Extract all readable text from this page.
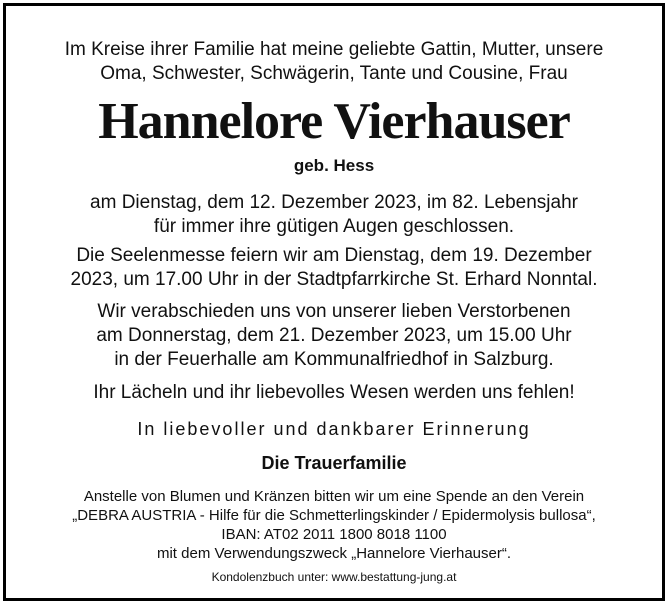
Im Kreise ihrer Familie hat meine geliebte Gattin, Mutter, unsere
Oma, Schwester, Schwägerin, Tante und Cousine, Frau
Hannelore Vierhauser
geb. Hess
am Dienstag, dem 12. Dezember 2023, im 82. Lebensjahr
für immer ihre gütigen Augen geschlossen.
Die Seelenmesse feiern wir am Dienstag, dem 19. Dezember
2023, um 17.00 Uhr in der Stadtpfarrkirche St. Erhard Nonntal.
Wir verabschieden uns von unserer lieben Verstorbenen
am Donnerstag, dem 21. Dezember 2023, um 15.00 Uhr
in der Feuerhalle am Kommunalfriedhof in Salzburg.
Ihr Lächeln und ihr liebevolles Wesen werden uns fehlen!
In liebevoller und dankbarer Erinnerung
Die Trauerfamilie
Anstelle von Blumen und Kränzen bitten wir um eine Spende an den Verein
„DEBRA AUSTRIA - Hilfe für die Schmetterlingskinder / Epidermolysis bullosa“,
IBAN: AT02 2011 1800 8018 1100
mit dem Verwendungszweck „Hannelore Vierhauser“.
Kondolenzbuch unter: www.bestattung-jung.at
